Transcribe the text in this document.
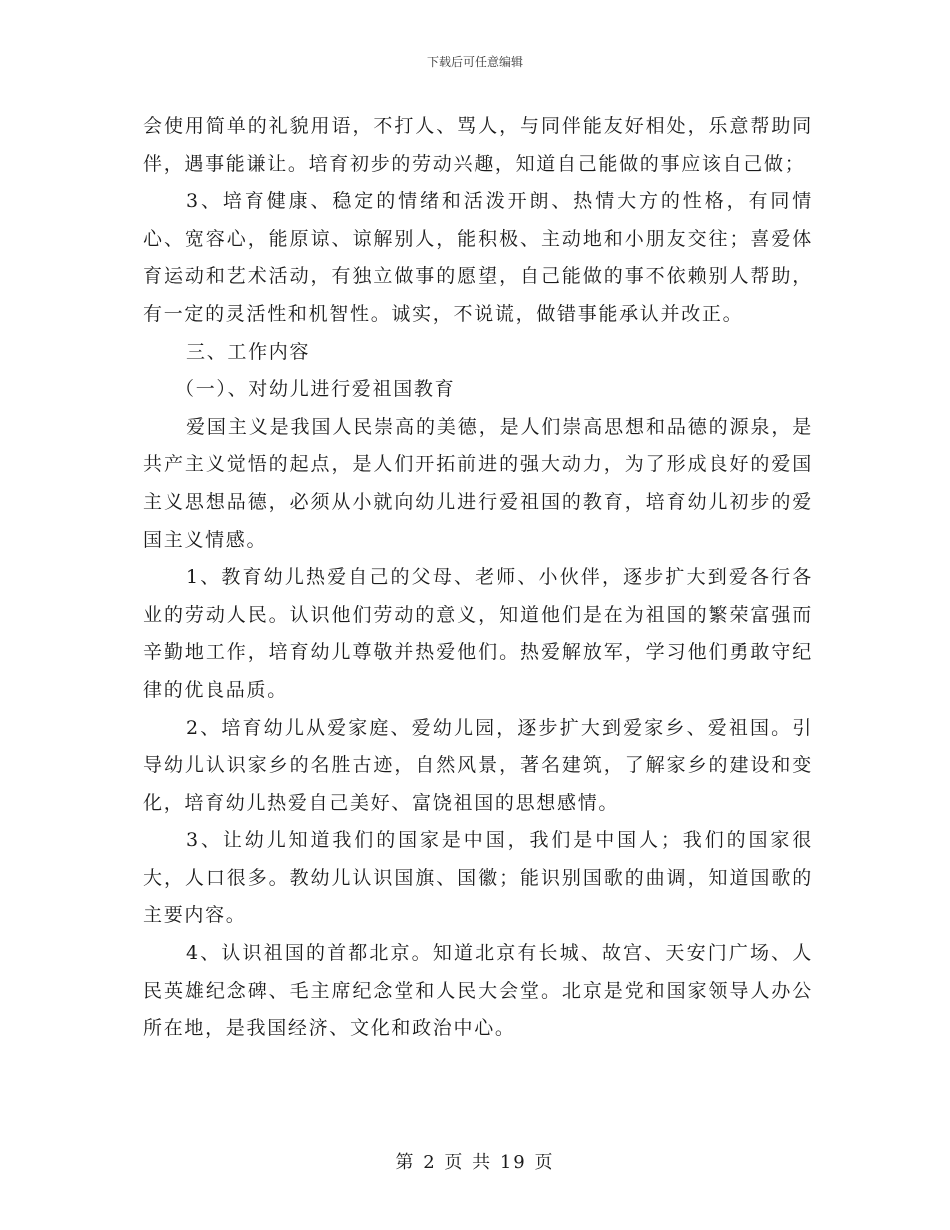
下载后可任意编辑

会使用简单的礼貌用语，不打人、骂人，与同伴能友好相处，乐意帮助同伴，遇事能谦让。培育初步的劳动兴趣，知道自己能做的事应该自己做；

3、培育健康、稳定的情绪和活泼开朗、热情大方的性格，有同情心、宽容心，能原谅、谅解别人，能积极、主动地和小朋友交往；喜爱体育运动和艺术活动，有独立做事的愿望，自己能做的事不依赖别人帮助，有一定的灵活性和机智性。诚实，不说谎，做错事能承认并改正。

三、工作内容

（一）、对幼儿进行爱祖国教育

爱国主义是我国人民崇高的美德，是人们崇高思想和品德的源泉，是共产主义觉悟的起点，是人们开拓前进的强大动力，为了形成良好的爱国主义思想品德，必须从小就向幼儿进行爱祖国的教育，培育幼儿初步的爱国主义情感。

1、教育幼儿热爱自己的父母、老师、小伙伴，逐步扩大到爱各行各业的劳动人民。认识他们劳动的意义，知道他们是在为祖国的繁荣富强而辛勤地工作，培育幼儿尊敬并热爱他们。热爱解放军，学习他们勇敢守纪律的优良品质。

2、培育幼儿从爱家庭、爱幼儿园，逐步扩大到爱家乡、爱祖国。引导幼儿认识家乡的名胜古迹，自然风景，著名建筑，了解家乡的建设和变化，培育幼儿热爱自己美好、富饶祖国的思想感情。

3、让幼儿知道我们的国家是中国，我们是中国人；我们的国家很大，人口很多。教幼儿认识国旗、国徽；能识别国歌的曲调，知道国歌的主要内容。

4、认识祖国的首都北京。知道北京有长城、故宫、天安门广场、人民英雄纪念碑、毛主席纪念堂和人民大会堂。北京是党和国家领导人办公所在地，是我国经济、文化和政治中心。

第 2 页 共 19 页
